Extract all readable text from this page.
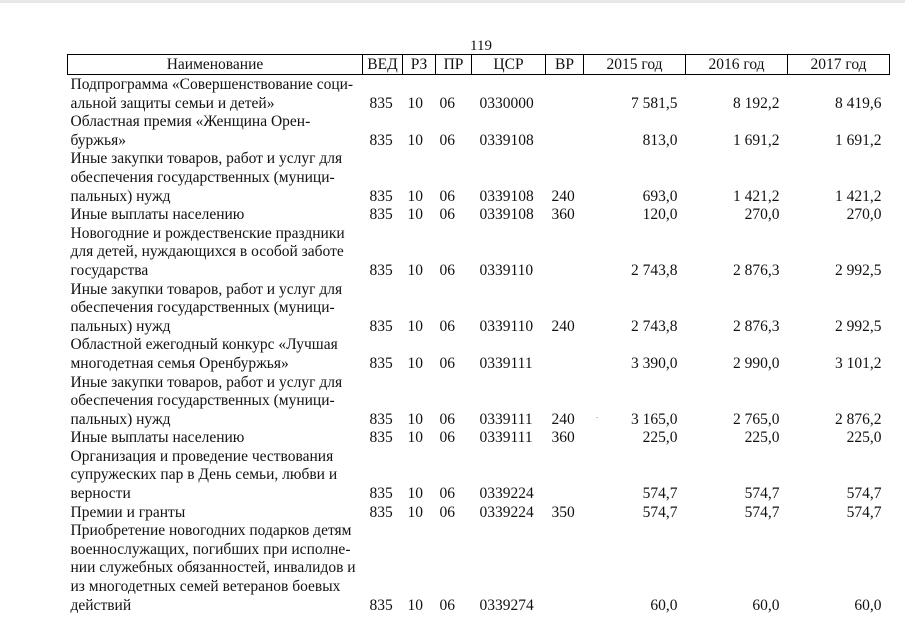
119
Наименование	ВЕД	РЗ	ПР	ЦСР	ВР	2015 год	2016 год	2017 год
Подпрограмма «Совершенствование соци-
альной защиты семьи и детей»	835	10	06	0330000		7 581,5	8 192,2	8 419,6
Областная премия «Женщина Орен-
буржья»	835	10	06	0339108		813,0	1 691,2	1 691,2
Иные закупки товаров, работ и услуг для
обеспечения государственных (муници-
пальных) нужд	835	10	06	0339108	240	693,0	1 421,2	1 421,2
Иные выплаты населению	835	10	06	0339108	360	120,0	270,0	270,0
Новогодние и рождественские праздники
для детей, нуждающихся в особой заботе
государства	835	10	06	0339110		2 743,8	2 876,3	2 992,5
Иные закупки товаров, работ и услуг для
обеспечения государственных (муници-
пальных) нужд	835	10	06	0339110	240	2 743,8	2 876,3	2 992,5
Областной ежегодный конкурс «Лучшая
многодетная семья Оренбуржья»	835	10	06	0339111		3 390,0	2 990,0	3 101,2
Иные закупки товаров, работ и услуг для
обеспечения государственных (муници-
пальных) нужд	835	10	06	0339111	240	3 165,0	2 765,0	2 876,2
Иные выплаты населению	835	10	06	0339111	360	225,0	225,0	225,0
Организация и проведение чествования
супружеских пар в День семьи, любви и
верности	835	10	06	0339224		574,7	574,7	574,7
Премии и гранты	835	10	06	0339224	350	574,7	574,7	574,7
Приобретение новогодних подарков детям
военнослужащих, погибших при исполне-
нии служебных обязанностей, инвалидов и
из многодетных семей ветеранов боевых
действий	835	10	06	0339274		60,0	60,0	60,0
.
